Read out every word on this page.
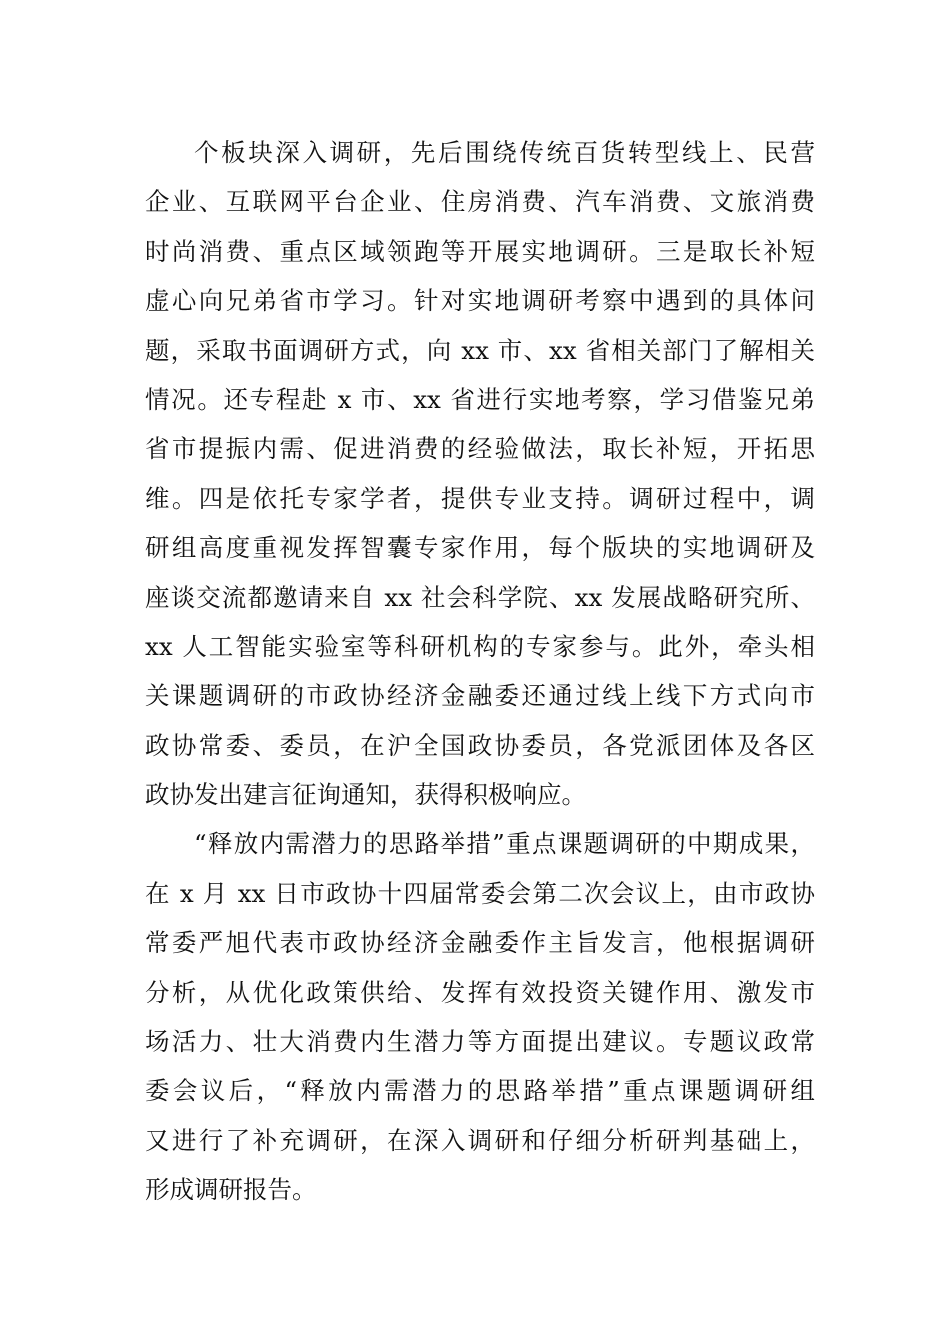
个板块深入调研，先后围绕传统百货转型线上、民营
企业、互联网平台企业、住房消费、汽车消费、文旅消费
时尚消费、重点区域领跑等开展实地调研。三是取长补短
虚心向兄弟省市学习。针对实地调研考察中遇到的具体问
题，采取书面调研方式，向 xx 市、xx 省相关部门了解相关
情况。还专程赴 x 市、xx 省进行实地考察，学习借鉴兄弟
省市提振内需、促进消费的经验做法，取长补短，开拓思
维。四是依托专家学者，提供专业支持。调研过程中，调
研组高度重视发挥智囊专家作用，每个版块的实地调研及
座谈交流都邀请来自 xx 社会科学院、xx 发展战略研究所、
xx 人工智能实验室等科研机构的专家参与。此外，牵头相
关课题调研的市政协经济金融委还通过线上线下方式向市
政协常委、委员，在沪全国政协委员，各党派团体及各区
政协发出建言征询通知，获得积极响应。
“释放内需潜力的思路举措”重点课题调研的中期成果，
在 x 月 xx 日市政协十四届常委会第二次会议上，由市政协
常委严旭代表市政协经济金融委作主旨发言，他根据调研
分析，从优化政策供给、发挥有效投资关键作用、激发市
场活力、壮大消费内生潜力等方面提出建议。专题议政常
委会议后，“释放内需潜力的思路举措”重点课题调研组
又进行了补充调研，在深入调研和仔细分析研判基础上，
形成调研报告。
